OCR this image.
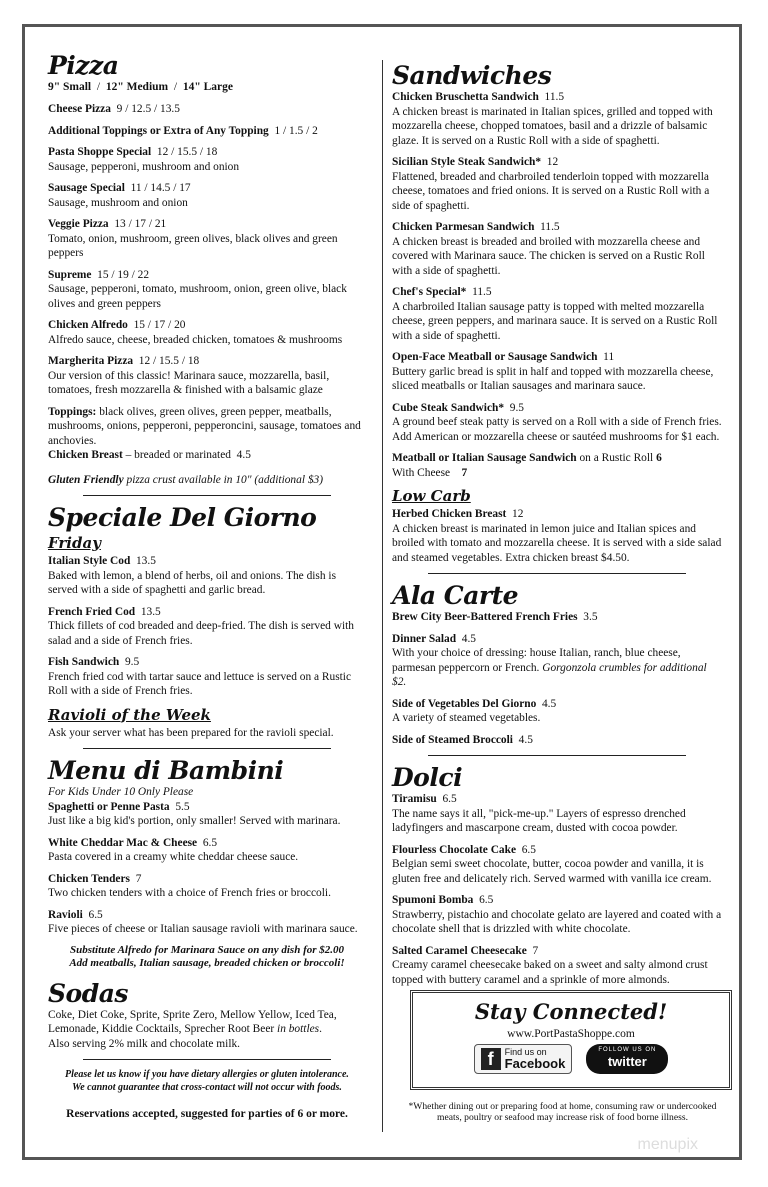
Pizza
9" Small  /  12" Medium  /  14" Large
Cheese Pizza 9 / 12.5 / 13.5
Additional Toppings or Extra of Any Topping 1 / 1.5 / 2
Pasta Shoppe Special 12 / 15.5 / 18
Sausage, pepperoni, mushroom and onion
Sausage Special 11 / 14.5 / 17
Sausage, mushroom and onion
Veggie Pizza 13 / 17 / 21
Tomato, onion, mushroom, green olives, black olives and green peppers
Supreme 15 / 19 / 22
Sausage, pepperoni, tomato, mushroom, onion, green olive, black olives and green peppers
Chicken Alfredo 15 / 17 / 20
Alfredo sauce, cheese, breaded chicken, tomatoes & mushrooms
Margherita Pizza 12 / 15.5 / 18
Our version of this classic! Marinara sauce, mozzarella, basil, tomatoes, fresh mozzarella & finished with a balsamic glaze
Toppings: black olives, green olives, green pepper, meatballs, mushrooms, onions, pepperoni, pepperoncini, sausage, tomatoes and anchovies.
Chicken Breast – breaded or marinated 4.5
Gluten Friendly pizza crust available in 10" (additional $3)
Speciale Del Giorno
Friday
Italian Style Cod 13.5
Baked with lemon, a blend of herbs, oil and onions. The dish is served with a side of spaghetti and garlic bread.
French Fried Cod 13.5
Thick fillets of cod breaded and deep-fried. The dish is served with salad and a side of French fries.
Fish Sandwich 9.5
French fried cod with tartar sauce and lettuce is served on a Rustic Roll with a side of French fries.
Ravioli of the Week
Ask your server what has been prepared for the ravioli special.
Menu di Bambini
For Kids Under 10 Only Please
Spaghetti or Penne Pasta 5.5
Just like a big kid's portion, only smaller! Served with marinara.
White Cheddar Mac & Cheese 6.5
Pasta covered in a creamy white cheddar cheese sauce.
Chicken Tenders 7
Two chicken tenders with a choice of French fries or broccoli.
Ravioli 6.5
Five pieces of cheese or Italian sausage ravioli with marinara sauce.
Substitute Alfredo for Marinara Sauce on any dish for $2.00
Add meatballs, Italian sausage, breaded chicken or broccoli!
Sodas
Coke, Diet Coke, Sprite, Sprite Zero, Mellow Yellow, Iced Tea, Lemonade, Kiddie Cocktails, Sprecher Root Beer in bottles.
Also serving 2% milk and chocolate milk.
Please let us know if you have dietary allergies or gluten intolerance.
We cannot guarantee that cross-contact will not occur with foods.
Reservations accepted, suggested for parties of 6 or more.
Sandwiches
Chicken Bruschetta Sandwich 11.5
A chicken breast is marinated in Italian spices, grilled and topped with mozzarella cheese, chopped tomatoes, basil and a drizzle of balsamic glaze. It is served on a Rustic Roll with a side of spaghetti.
Sicilian Style Steak Sandwich* 12
Flattened, breaded and charbroiled tenderloin topped with mozzarella cheese, tomatoes and fried onions. It is served on a Rustic Roll with a side of spaghetti.
Chicken Parmesan Sandwich 11.5
A chicken breast is breaded and broiled with mozzarella cheese and covered with Marinara sauce. The chicken is served on a Rustic Roll with a side of spaghetti.
Chef's Special* 11.5
A charbroiled Italian sausage patty is topped with melted mozzarella cheese, green peppers, and marinara sauce. It is served on a Rustic Roll with a side of spaghetti.
Open-Face Meatball or Sausage Sandwich 11
Buttery garlic bread is split in half and topped with mozzarella cheese, sliced meatballs or Italian sausages and marinara sauce.
Cube Steak Sandwich* 9.5
A ground beef steak patty is served on a Roll with a side of French fries. Add American or mozzarella cheese or sautéed mushrooms for $1 each.
Meatball or Italian Sausage Sandwich on a Rustic Roll 6
With Cheese 7
Low Carb
Herbed Chicken Breast 12
A chicken breast is marinated in lemon juice and Italian spices and broiled with tomato and mozzarella cheese. It is served with a side salad and steamed vegetables. Extra chicken breast $4.50.
Ala Carte
Brew City Beer-Battered French Fries 3.5
Dinner Salad 4.5
With your choice of dressing: house Italian, ranch, blue cheese, parmesan peppercorn or French. Gorgonzola crumbles for additional $2.
Side of Vegetables Del Giorno 4.5
A variety of steamed vegetables.
Side of Steamed Broccoli 4.5
Dolci
Tiramisu 6.5
The name says it all, "pick-me-up." Layers of espresso drenched ladyfingers and mascarpone cream, dusted with cocoa powder.
Flourless Chocolate Cake 6.5
Belgian semi sweet chocolate, butter, cocoa powder and vanilla, it is gluten free and delicately rich. Served warmed with vanilla ice cream.
Spumoni Bomba 6.5
Strawberry, pistachio and chocolate gelato are layered and coated with a chocolate shell that is drizzled with white chocolate.
Salted Caramel Cheesecake 7
Creamy caramel cheesecake baked on a sweet and salty almond crust topped with buttery caramel and a sprinkle of more almonds.
Stay Connected!
www.PortPastaShoppe.com
f	Find us on
Facebook
FOLLOW US ON
twitter
*Whether dining out or preparing food at home, consuming raw or undercooked meats, poultry or seafood may increase risk of food borne illness.
menupix
